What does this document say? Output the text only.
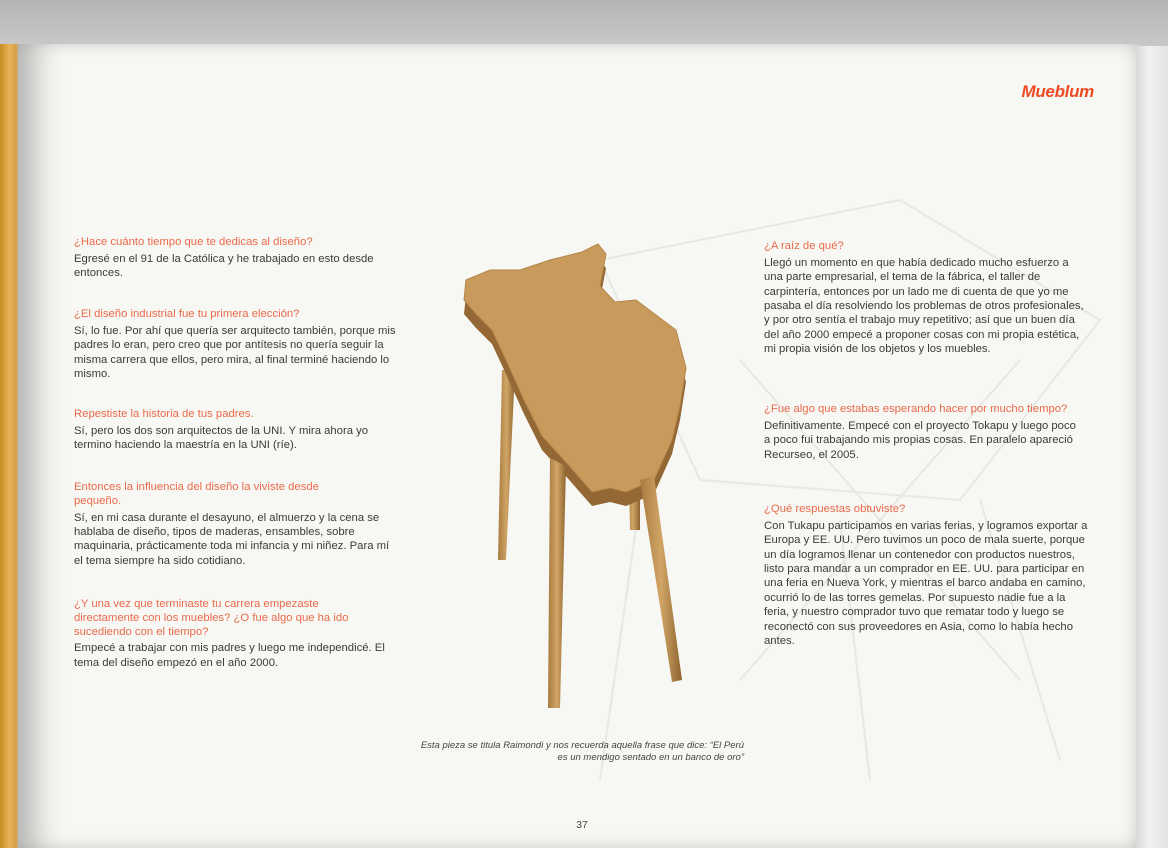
Mueblum

¿Hace cuánto tiempo que te dedicas al diseño?

Egresé en el 91 de la Católica y he trabajado en esto desde entonces.

¿El diseño industrial fue tu primera elección?

Sí, lo fue. Por ahí que quería ser arquitecto también, porque mis padres lo eran, pero creo que por antítesis no quería seguir la misma carrera que ellos, pero mira, al final terminé haciendo lo mismo.

Repestiste la historia de tus padres.

Sí, pero los dos son arquitectos de la UNI. Y mira ahora yo termino haciendo la maestría en la UNI (ríe).

Entonces la influencia del diseño la viviste desde pequeño.

Sí, en mi casa durante el desayuno, el almuerzo y la cena se hablaba de diseño, tipos de maderas, ensambles, sobre maquinaria, prácticamente toda mi infancia y mi niñez. Para mí el tema siempre ha sido cotidiano.

¿Y una vez que terminaste tu carrera empezaste directamente con los muebles? ¿O fue algo que ha ido sucediendo con el tiempo?

Empecé a trabajar con mis padres y luego me independicé. El tema del diseño empezó en el año 2000.

Esta pieza se titula Raimondi y nos recuerda aquella frase que dice: “El Perú es un mendigo sentado en un banco de oro”

¿A raíz de qué?

Llegó un momento en que había dedicado mucho esfuerzo a una parte empresarial, el tema de la fábrica, el taller de carpintería, entonces por un lado me di cuenta de que yo me pasaba el día resolviendo los problemas de otros profesionales, y por otro sentía el trabajo muy repetitivo; así que un buen día del año 2000 empecé a proponer cosas con mi propia estética, mi propia visión de los objetos y los muebles.

¿Fue algo que estabas esperando hacer por mucho tiempo?

Definitivamente. Empecé con el proyecto Tokapu y luego poco a poco fui trabajando mis propias cosas. En paralelo apareció Recurseo, el 2005.

¿Qué respuestas obtuviste?

Con Tukapu participamos en varias ferias, y logramos exportar a Europa y EE. UU. Pero tuvimos un poco de mala suerte, porque un día logramos llenar un contenedor con productos nuestros, listo para mandar a un comprador en EE. UU. para participar en una feria en Nueva York, y mientras el barco andaba en camino, ocurrió lo de las torres gemelas. Por supuesto nadie fue a la feria, y nuestro comprador tuvo que rematar todo y luego se reconectó con sus proveedores en Asia, como lo había hecho antes.

37
